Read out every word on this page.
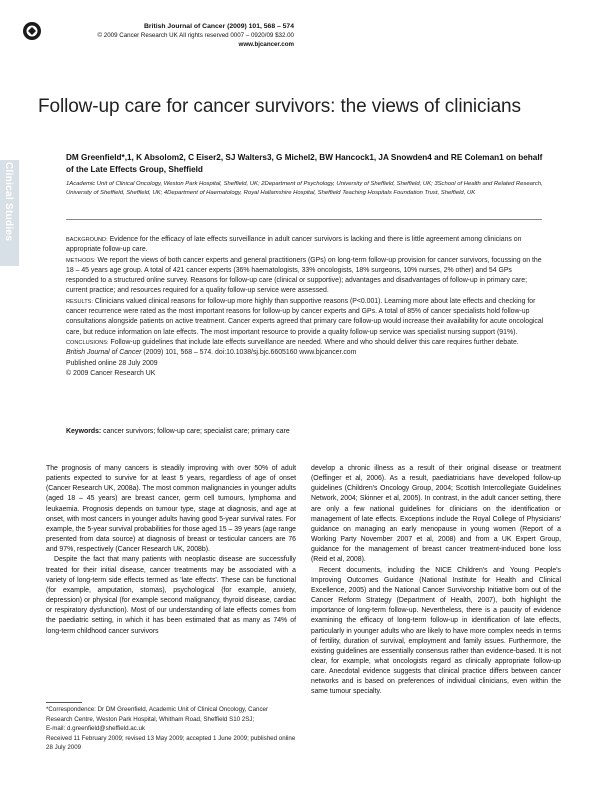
British Journal of Cancer (2009) 101, 568 – 574
© 2009 Cancer Research UK All rights reserved 0007 – 0920/09 $32.00
www.bjcancer.com
Follow-up care for cancer survivors: the views of clinicians
Clinical Studies
DM Greenfield*,1, K Absolom2, C Eiser2, SJ Walters3, G Michel2, BW Hancock1, JA Snowden4 and RE Coleman1 on behalf of the Late Effects Group, Sheffield
1Academic Unit of Clinical Oncology, Weston Park Hospital, Sheffield, UK; 2Department of Psychology, University of Sheffield, Sheffield, UK; 3School of Health and Related Research, University of Sheffield, Sheffield, UK; 4Department of Haematology, Royal Hallamshire Hospital, Sheffield Teaching Hospitals Foundation Trust, Sheffield, UK

BACKGROUND: Evidence for the efficacy of late effects surveillance in adult cancer survivors is lacking and there is little agreement among clinicians on appropriate follow-up care.

METHODS: We report the views of both cancer experts and general practitioners (GPs) on long-term follow-up provision for cancer survivors, focussing on the 18 – 45 years age group. A total of 421 cancer experts (36% haematologists, 33% oncologists, 18% surgeons, 10% nurses, 2% other) and 54 GPs responded to a structured online survey. Reasons for follow-up care (clinical or supportive); advantages and disadvantages of follow-up in primary care; current practice; and resources required for a quality follow-up service were assessed.

RESULTS: Clinicians valued clinical reasons for follow-up more highly than supportive reasons (P<0.001). Learning more about late effects and checking for cancer recurrence were rated as the most important reasons for follow-up by cancer experts and GPs. A total of 85% of cancer specialists hold follow-up consultations alongside patients on active treatment. Cancer experts agreed that primary care follow-up would increase their availability for acute oncological care, but reduce information on late effects. The most important resource to provide a quality follow-up service was specialist nursing support (91%).

CONCLUSIONS: Follow-up guidelines that include late effects surveillance are needed. Where and who should deliver this care requires further debate.

British Journal of Cancer (2009) 101, 568 – 574. doi:10.1038/sj.bjc.6605160 www.bjcancer.com

Published online 28 July 2009

© 2009 Cancer Research UK

Keywords: cancer survivors; follow-up care; specialist care; primary care

The prognosis of many cancers is steadily improving with over 50% of adult patients expected to survive for at least 5 years, regardless of age of onset (Cancer Research UK, 2008a). The most common malignancies in younger adults (aged 18 – 45 years) are breast cancer, germ cell tumours, lymphoma and leukaemia. Prognosis depends on tumour type, stage at diagnosis, and age at onset, with most cancers in younger adults having good 5-year survival rates. For example, the 5-year survival probabilities for those aged 15 – 39 years (age range presented from data source) at diagnosis of breast or testicular cancers are 76 and 97%, respectively (Cancer Research UK, 2008b).

Despite the fact that many patients with neoplastic disease are successfully treated for their initial disease, cancer treatments may be associated with a variety of long-term side effects termed as 'late effects'. These can be functional (for example, amputation, stomas), psychological (for example, anxiety, depression) or physical (for example second malignancy, thyroid disease, cardiac or respiratory dysfunction). Most of our understanding of late effects comes from the paediatric setting, in which it has been estimated that as many as 74% of long-term childhood cancer survivors

develop a chronic illness as a result of their original disease or treatment (Oeffinger et al, 2006). As a result, paediatricians have developed follow-up guidelines (Children's Oncology Group, 2004; Scottish Intercollegiate Guidelines Network, 2004; Skinner et al, 2005). In contrast, in the adult cancer setting, there are only a few national guidelines for clinicians on the identification or management of late effects. Exceptions include the Royal College of Physicians' guidance on managing an early menopause in young women (Report of a Working Party November 2007 et al, 2008) and from a UK Expert Group, guidance for the management of breast cancer treatment-induced bone loss (Reid et al, 2008).

Recent documents, including the NICE Children's and Young People's Improving Outcomes Guidance (National Institute for Health and Clinical Excellence, 2005) and the National Cancer Survivorship Initiative born out of the Cancer Reform Strategy (Department of Health, 2007), both highlight the importance of long-term follow-up. Nevertheless, there is a paucity of evidence examining the efficacy of long-term follow-up in identification of late effects, particularly in younger adults who are likely to have more complex needs in terms of fertility, duration of survival, employment and family issues. Furthermore, the existing guidelines are essentially consensus rather than evidence-based. It is not clear, for example, what oncologists regard as clinically appropriate follow-up care. Anecdotal evidence suggests that clinical practice differs between cancer networks and is based on preferences of individual clinicians, even within the same tumour specialty.

*Correspondence: Dr DM Greenfield, Academic Unit of Clinical Oncology, Cancer Research Centre, Weston Park Hospital, Whitham Road, Sheffield S10 2SJ;

E-mail: d.greenfield@sheffield.ac.uk

Received 11 February 2009; revised 13 May 2009; accepted 1 June 2009; published online 28 July 2009
